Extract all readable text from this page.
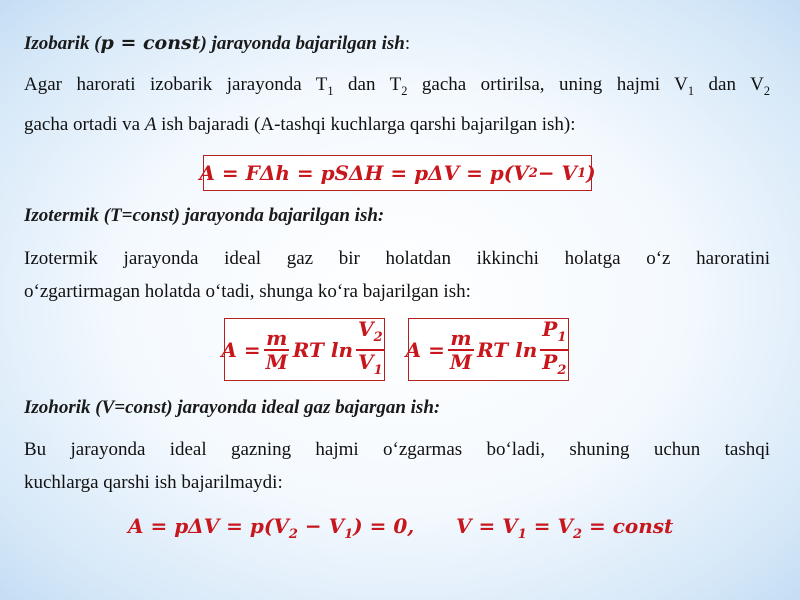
Izobarik (p = const) jarayonda bajarilgan ish:
Agar harorati izobarik jarayonda $T_1$ dan $T_2$ gacha ortirilsa, uning hajmi $V_1$ dan $V_2$
gacha ortadi va A ish bajaradi (A-tashqi kuchlarga qarshi bajarilgan ish):
A = FΔh = pSΔH = pΔV = p(V 2 − V 1 )
Izotermik (T=const) jarayonda bajarilgan ish:
Izotermik jarayonda ideal gaz bir holatdan ikkinchi holatga o‘z haroratini
o‘zgartirmagan holatda o‘tadi, shunga ko‘ra bajarilgan ish:
$A = \frac{m}{M}$ RT $\ln \frac{V_2}{V_1}$ $A = \frac{m}{M}$ RT $\ln \frac{P_1}{P_2}$
Izohorik (V=const) jarayonda ideal gaz bajargan ish:
Bu jarayonda ideal gazning hajmi o‘zgarmas bo‘ladi, shuning uchun tashqi
kuchlarga qarshi ish bajarilmaydi:
$A = p\Delta V = p(V_2 - V_1) = 0$, $V = V_1 = V_2$ = const
